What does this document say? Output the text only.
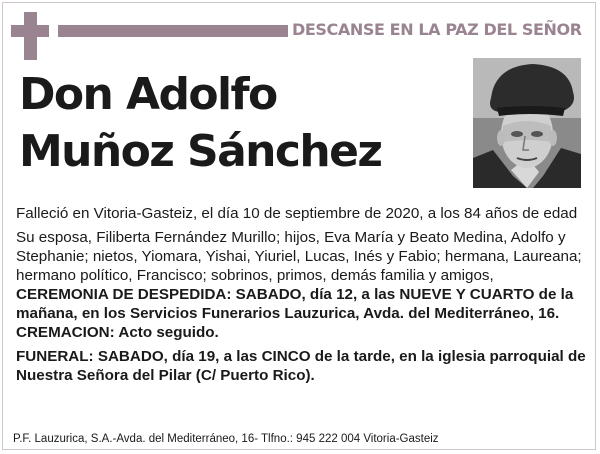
DESCANSE EN LA PAZ DEL SEÑOR
Don Adolfo
Muñoz Sánchez

Falleció en Vitoria-Gasteiz, el día 10 de septiembre de 2020, a los 84 años de edad

Su esposa, Filiberta Fernández Murillo; hijos, Eva María y Beato Medina, Adolfo y Stephanie; nietos, Yiomara, Yishai, Yiuriel, Lucas, Inés y Fabio; hermana, Laureana; hermano político, Francisco; sobrinos, primos, demás familia y amigos,

CEREMONIA DE DESPEDIDA: SABADO, día 12, a las NUEVE Y CUARTO de la mañana, en los Servicios Funerarios Lauzurica, Avda. del Mediterráneo, 16.

CREMACION: Acto seguido.

FUNERAL: SABADO, día 19, a las CINCO de la tarde, en la iglesia parroquial de Nuestra Señora del Pilar (C/ Puerto Rico).

P.F. Lauzurica, S.A.-Avda. del Mediterráneo, 16- Tlfno.: 945 222 004 Vitoria-Gasteiz
